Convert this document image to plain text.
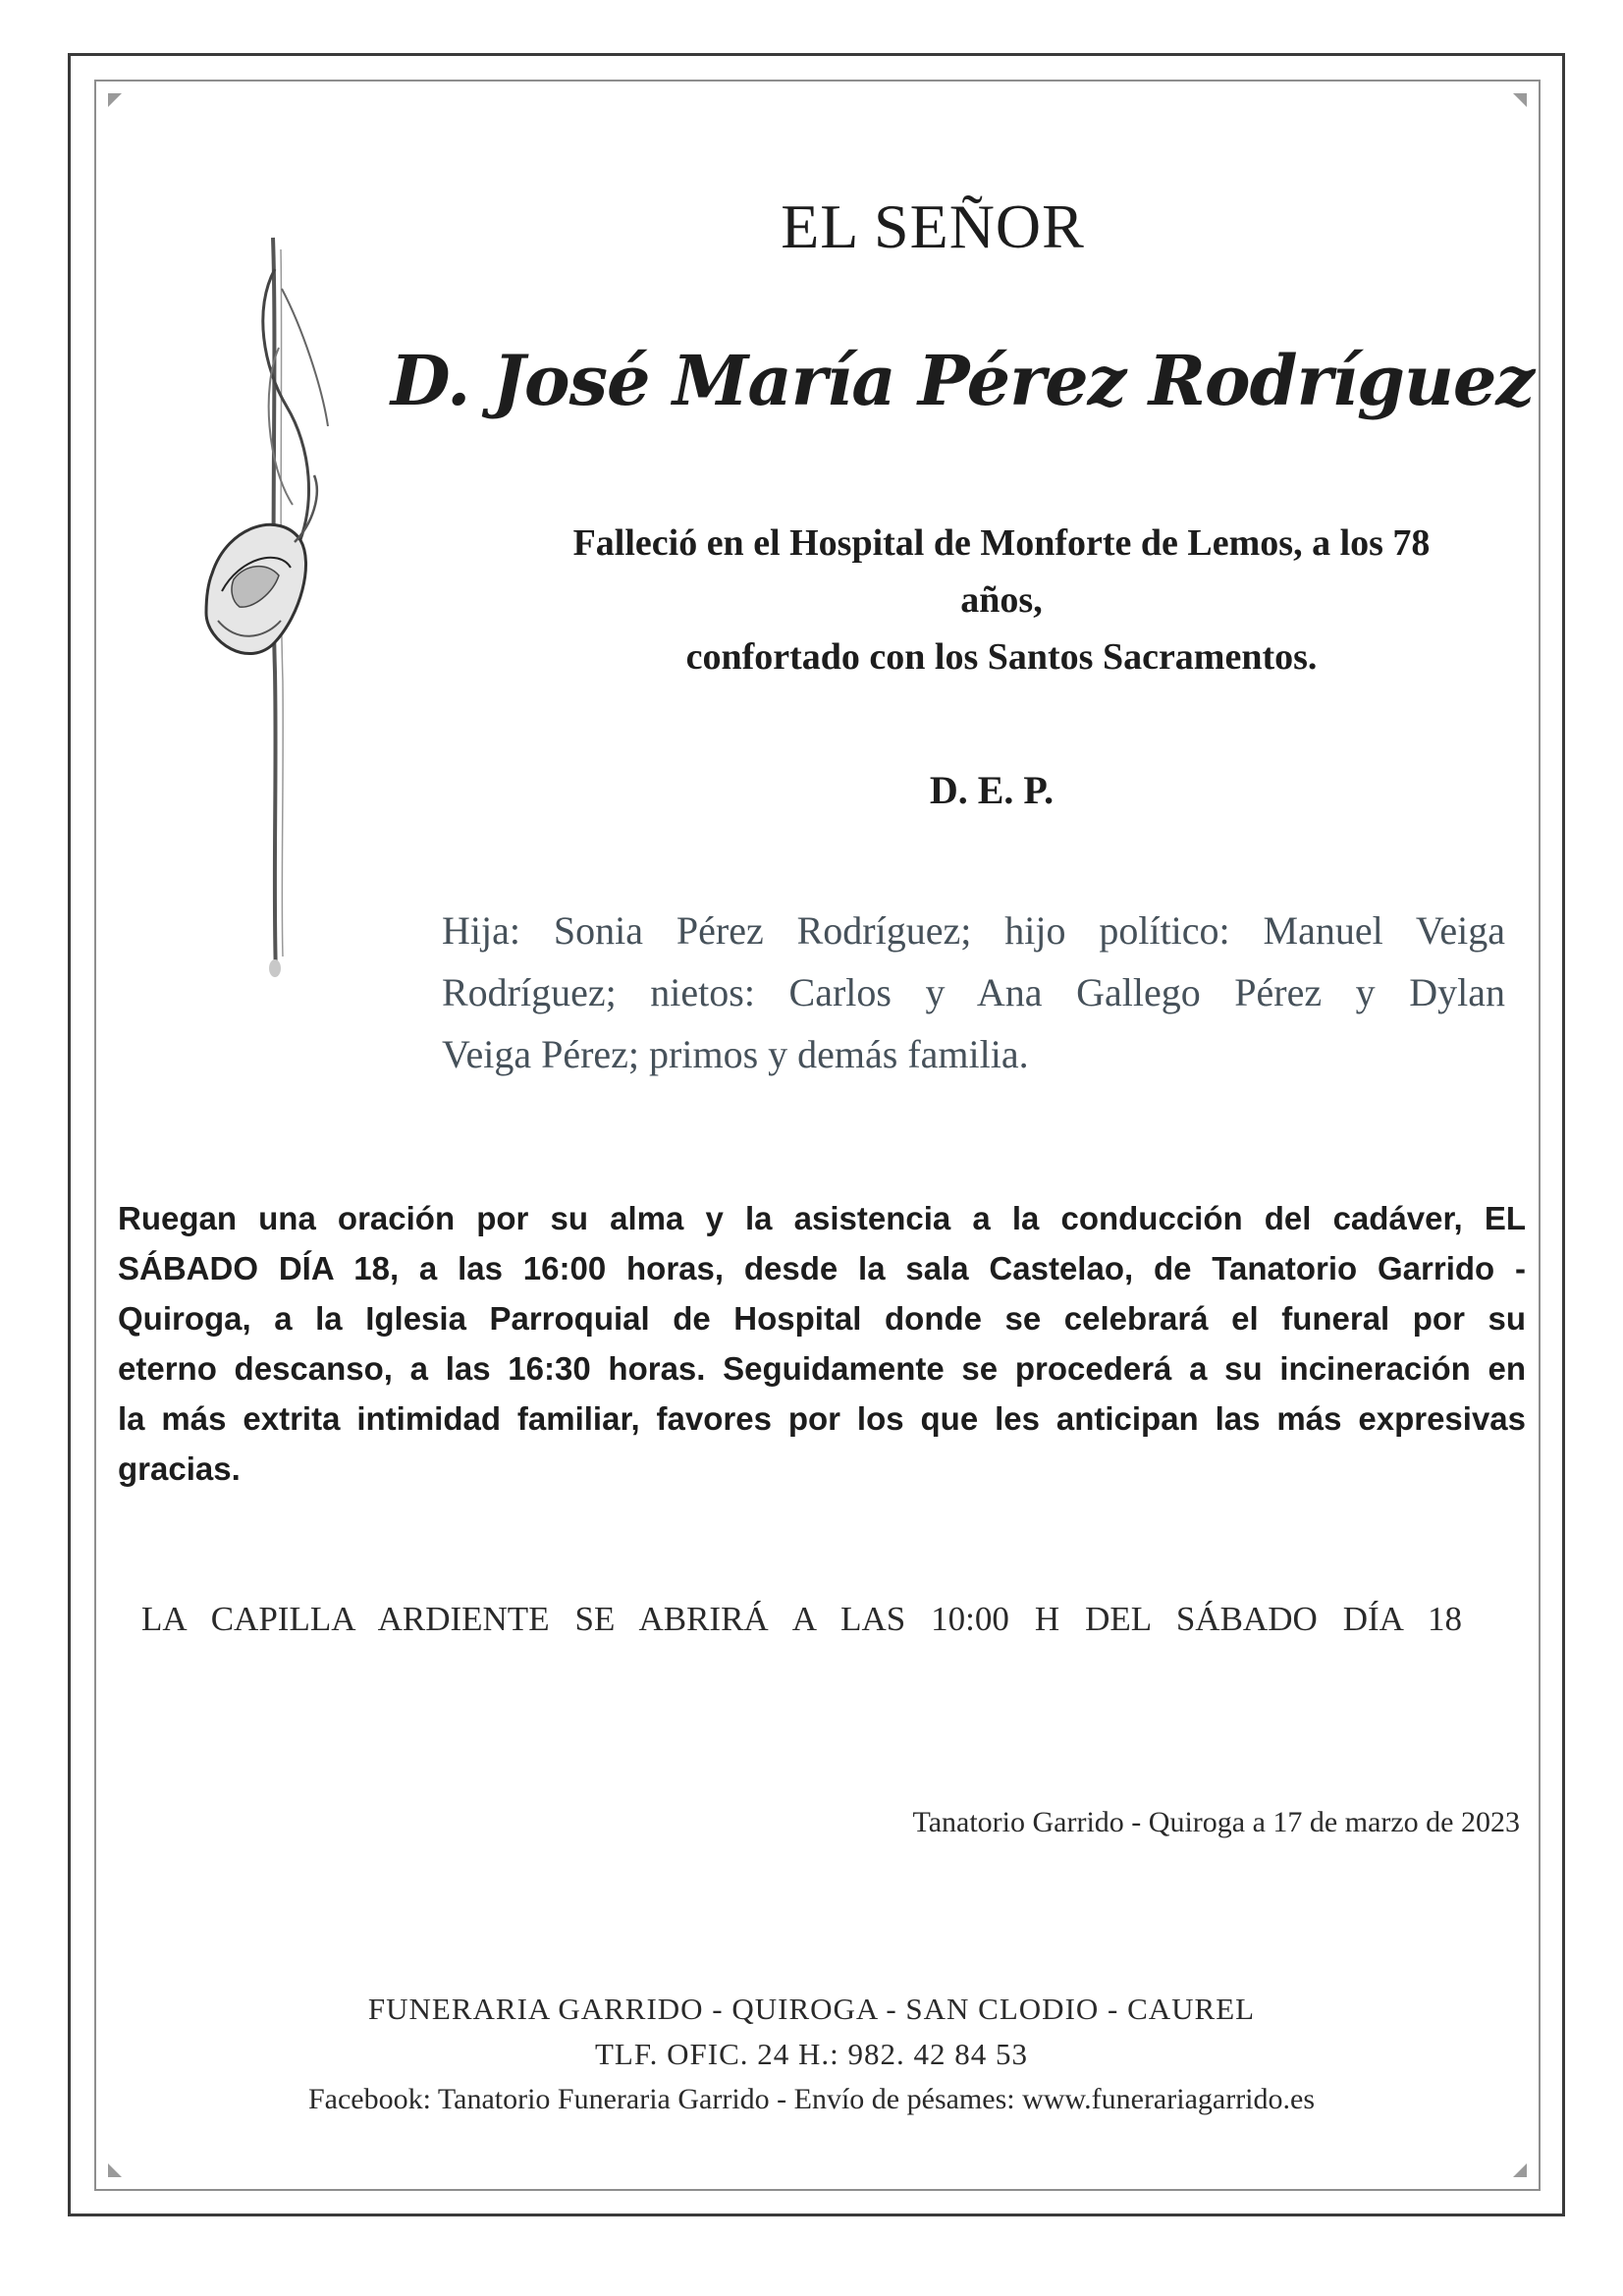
EL SEÑOR
D. José María Pérez Rodríguez
Falleció en el Hospital de Monforte de Lemos, a los 78
años,
confortado con los Santos Sacramentos.
D. E. P.
Hija: Sonia Pérez Rodríguez; hijo político: Manuel Veiga
Rodríguez; nietos: Carlos y Ana Gallego Pérez y Dylan
Veiga Pérez; primos y demás familia.
Ruegan una oración por su alma y la asistencia a la conducción del cadáver, EL
SÁBADO DÍA 18, a las 16:00 horas, desde la sala Castelao, de Tanatorio Garrido -
Quiroga, a la Iglesia Parroquial de Hospital donde se celebrará el funeral por su
eterno descanso, a las 16:30 horas. Seguidamente se procederá a su incineración en
la más extrita intimidad familiar, favores por los que les anticipan las más expresivas
gracias.
LA CAPILLA ARDIENTE SE ABRIRÁ A LAS 10:00 H DEL SÁBADO DÍA 18
Tanatorio Garrido - Quiroga a 17 de marzo de 2023
FUNERARIA GARRIDO - QUIROGA - SAN CLODIO - CAUREL
TLF. OFIC. 24 H.: 982. 42 84 53
Facebook: Tanatorio Funeraria Garrido - Envío de pésames: www.funerariagarrido.es
